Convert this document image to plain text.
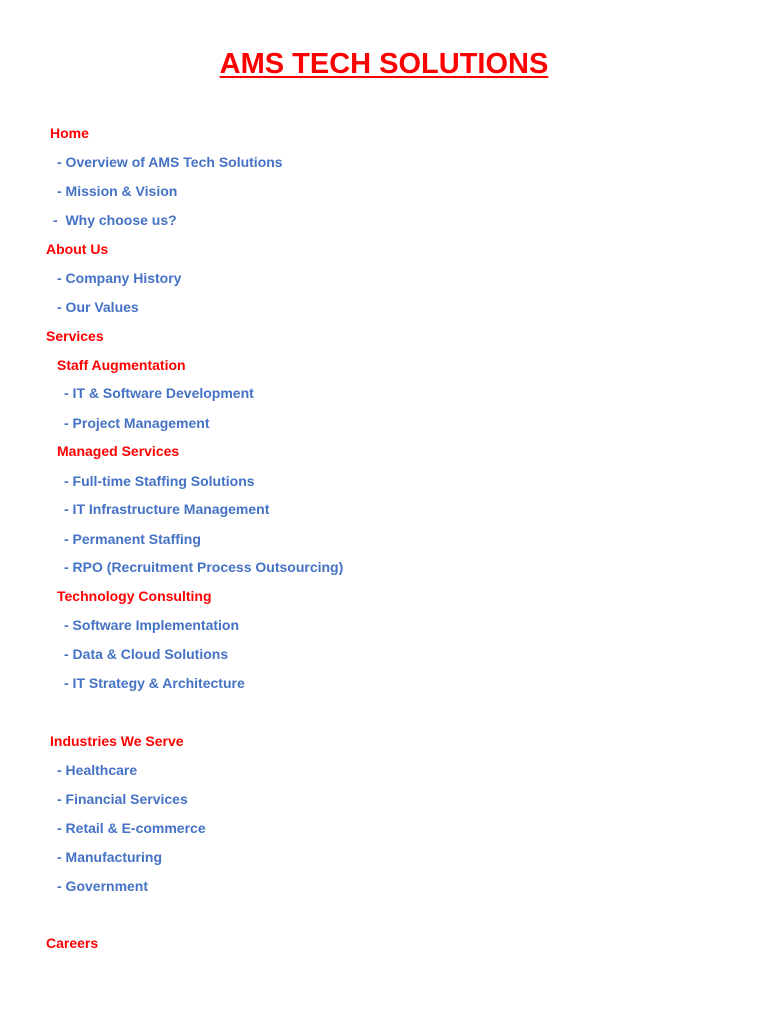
AMS TECH SOLUTIONS
Home
- Overview of AMS Tech Solutions
- Mission & Vision
-  Why choose us?
About Us
- Company History
- Our Values
Services
Staff Augmentation
- IT & Software Development
- Project Management
Managed Services
- Full-time Staffing Solutions
- IT Infrastructure Management
- Permanent Staffing
- RPO (Recruitment Process Outsourcing)
Technology Consulting
- Software Implementation
- Data & Cloud Solutions
- IT Strategy & Architecture
Industries We Serve
- Healthcare
- Financial Services
- Retail & E-commerce
- Manufacturing
- Government
Careers
